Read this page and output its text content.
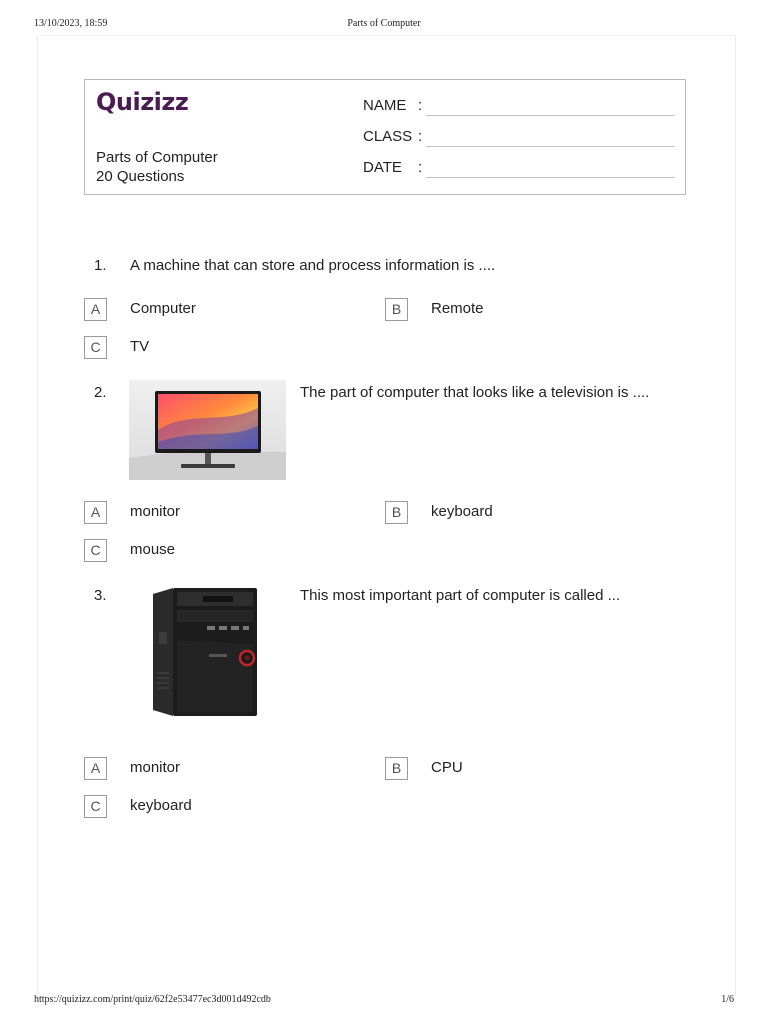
13/10/2023, 18:59	Parts of Computer
Quizizz
Parts of Computer
20 Questions
NAME :
CLASS :
DATE :
1. A machine that can store and process information is ....
A	Computer	B	Remote
C	TV
2.	The part of computer that looks like a television is ....
A	monitor	B	keyboard
C	mouse
3.	This most important part of computer is called ...
A	monitor	B	CPU
C	keyboard
https://quizizz.com/print/quiz/62f2e53477ec3d001d492cdb	1/6
